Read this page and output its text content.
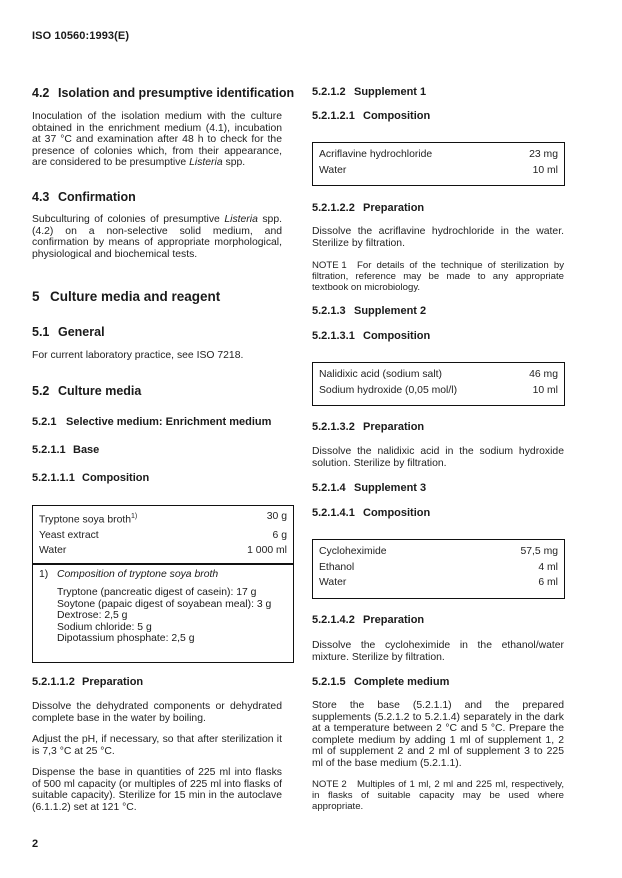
ISO 10560:1993(E)
4.2 Isolation and presumptive identification

Inoculation of the isolation medium with the culture obtained in the enrichment medium (4.1), incubation at 37 °C and examination after 48 h to check for the presence of colonies which, from their appearance, are considered to be presumptive Listeria spp.

4.3 Confirmation

Subculturing of colonies of presumptive Listeria spp. (4.2) on a non-selective solid medium, and confirmation by means of appropriate morphological, physiological and biochemical tests.

5 Culture media and reagent
5.1 General

For current laboratory practice, see ISO 7218.

5.2 Culture media
5.2.1 Selective medium: Enrichment medium
5.2.1.1 Base
5.2.1.1.1 Composition
Tryptone soya broth$^{1)}$	30 g
Yeast extract	6 g
Water	1 000 ml
1) Composition of tryptone soya broth
Tryptone (pancreatic digest of casein): 17 g
Soytone (papaic digest of soyabean meal): 3 g
Dextrose: 2,5 g
Sodium chloride: 5 g
Dipotassium phosphate: 2,5 g
5.2.1.1.2 Preparation

Dissolve the dehydrated components or dehydrated complete base in the water by boiling.

Adjust the pH, if necessary, so that after sterilization it is 7,3 °C at 25 °C.

Dispense the base in quantities of 225 ml into flasks of 500 ml capacity (or multiples of 225 ml into flasks of suitable capacity). Sterilize for 15 min in the autoclave (6.1.1.2) set at 121 °C.

2
5.2.1.2 Supplement 1
5.2.1.2.1 Composition
Acriflavine hydrochloride	23 mg
Water	10 ml
5.2.1.2.2 Preparation

Dissolve the acriflavine hydrochloride in the water. Sterilize by filtration.

NOTE 1 For details of the technique of sterilization by filtration, reference may be made to any appropriate textbook on microbiology.
5.2.1.3 Supplement 2
5.2.1.3.1 Composition
Nalidixic acid (sodium salt)	46 mg
Sodium hydroxide (0,05 mol/l)	10 ml
5.2.1.3.2 Preparation

Dissolve the nalidixic acid in the sodium hydroxide solution. Sterilize by filtration.

5.2.1.4 Supplement 3
5.2.1.4.1 Composition
Cycloheximide	57,5 mg
Ethanol	4 ml
Water	6 ml
5.2.1.4.2 Preparation

Dissolve the cycloheximide in the ethanol/water mixture. Sterilize by filtration.

5.2.1.5 Complete medium

Store the base (5.2.1.1) and the prepared supplements (5.2.1.2 to 5.2.1.4) separately in the dark at a temperature between 2 °C and 5 °C. Prepare the complete medium by adding 1 ml of supplement 1, 2 ml of supplement 2 and 2 ml of supplement 3 to 225 ml of the base medium (5.2.1.1).

NOTE 2 Multiples of 1 ml, 2 ml and 225 ml, respectively, in flasks of suitable capacity may be used where appropriate.
